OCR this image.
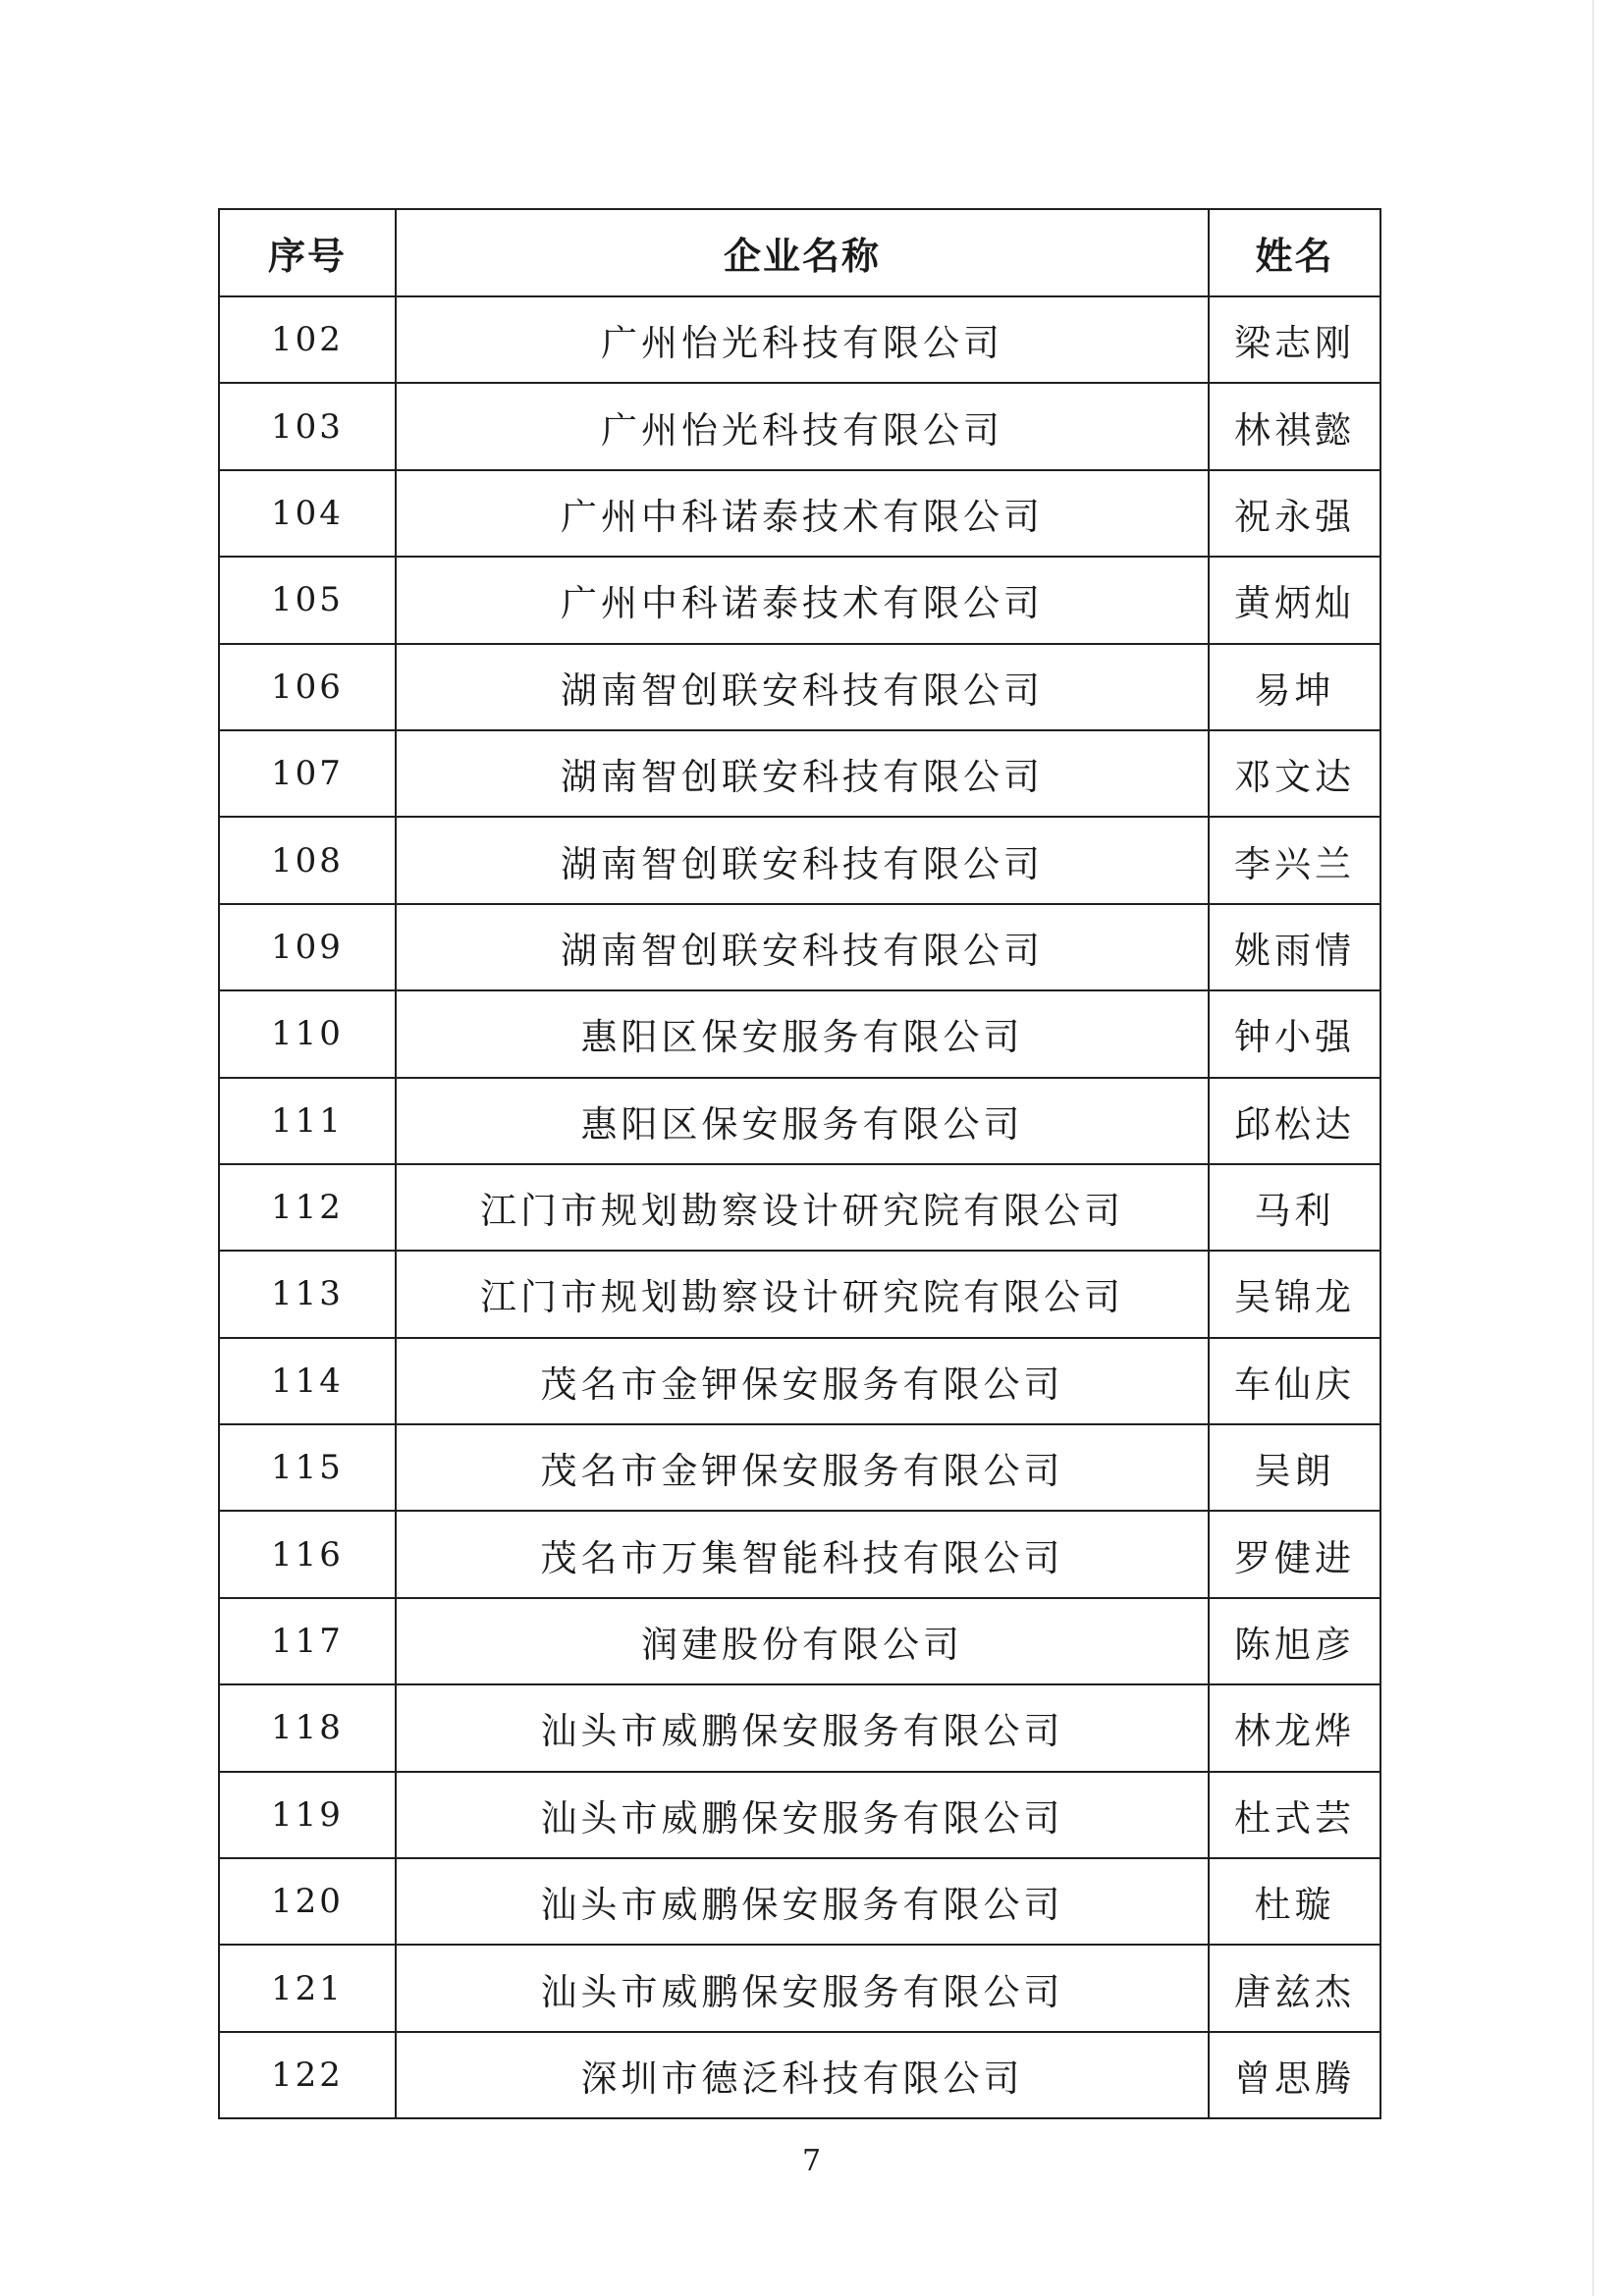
序号	企业名称	姓名
102	广州怡光科技有限公司	梁志刚
103	广州怡光科技有限公司	林祺懿
104	广州中科诺泰技术有限公司	祝永强
105	广州中科诺泰技术有限公司	黄炳灿
106	湖南智创联安科技有限公司	易坤
107	湖南智创联安科技有限公司	邓文达
108	湖南智创联安科技有限公司	李兴兰
109	湖南智创联安科技有限公司	姚雨情
110	惠阳区保安服务有限公司	钟小强
111	惠阳区保安服务有限公司	邱松达
112	江门市规划勘察设计研究院有限公司	马利
113	江门市规划勘察设计研究院有限公司	吴锦龙
114	茂名市金钾保安服务有限公司	车仙庆
115	茂名市金钾保安服务有限公司	吴朗
116	茂名市万集智能科技有限公司	罗健进
117	润建股份有限公司	陈旭彦
118	汕头市威鹏保安服务有限公司	林龙烨
119	汕头市威鹏保安服务有限公司	杜式芸
120	汕头市威鹏保安服务有限公司	杜璇
121	汕头市威鹏保安服务有限公司	唐兹杰
122	深圳市德泛科技有限公司	曾思腾
7
